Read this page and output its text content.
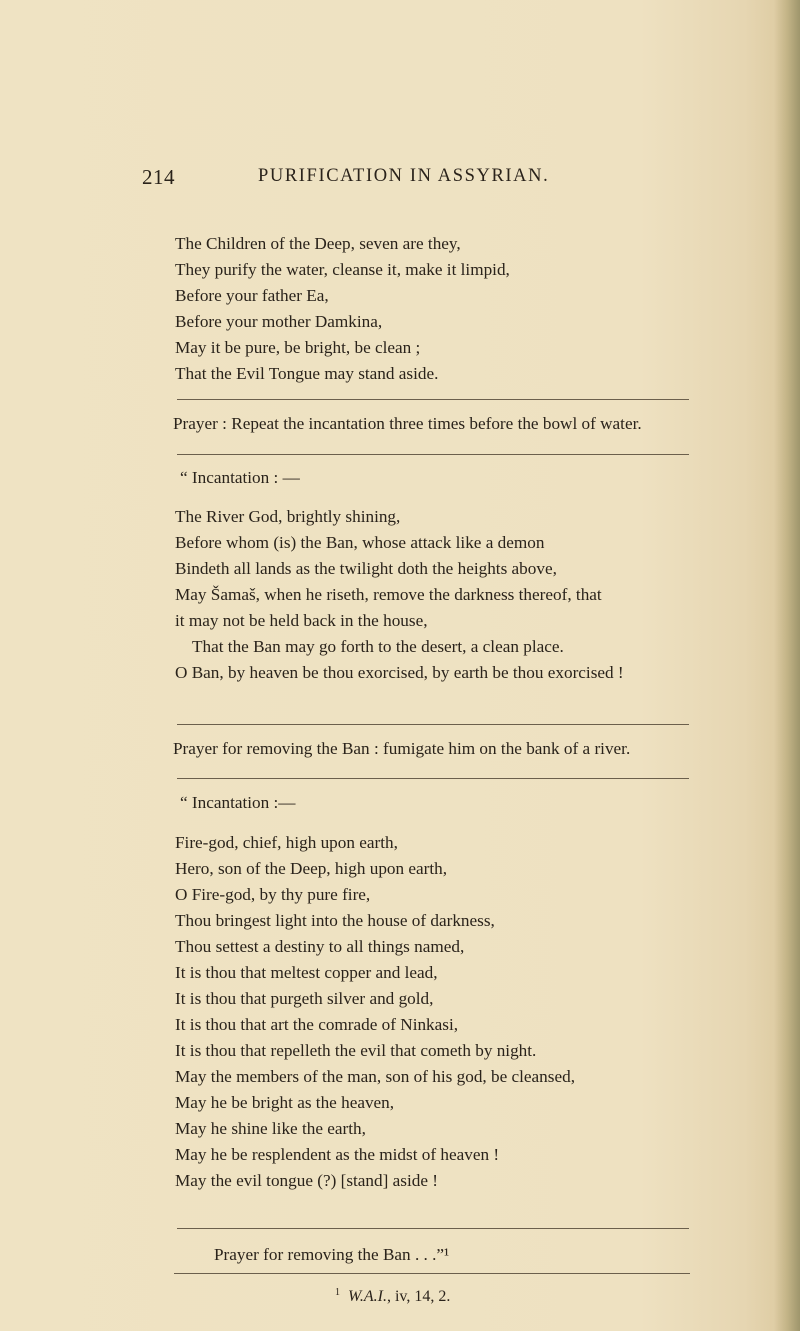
214	PURIFICATION IN ASSYRIAN.
The Children of the Deep, seven are they,
They purify the water, cleanse it, make it limpid,
Before your father Ea,
Before your mother Damkina,
May it be pure, be bright, be clean ;
That the Evil Tongue may stand aside.
Prayer : Repeat the incantation three times before the bowl of water.
“ Incantation : —
The River God, brightly shining,
Before whom (is) the Ban, whose attack like a demon
Bindeth all lands as the twilight doth the heights above,
May Šamaš, when he riseth, remove the darkness thereof, that
it may not be held back in the house,
That the Ban may go forth to the desert, a clean place.
O Ban, by heaven be thou exorcised, by earth be thou exorcised !
Prayer for removing the Ban : fumigate him on the bank of a river.
“ Incantation :—
Fire-god, chief, high upon earth,
Hero, son of the Deep, high upon earth,
O Fire-god, by thy pure fire,
Thou bringest light into the house of darkness,
Thou settest a destiny to all things named,
It is thou that meltest copper and lead,
It is thou that purgeth silver and gold,
It is thou that art the comrade of Ninkasi,
It is thou that repelleth the evil that cometh by night.
May the members of the man, son of his god, be cleansed,
May he be bright as the heaven,
May he shine like the earth,
May he be resplendent as the midst of heaven !
May the evil tongue (?) [stand] aside !
Prayer for removing the Ban . . .”¹
$^1$ W.A.I., iv, 14, 2.
